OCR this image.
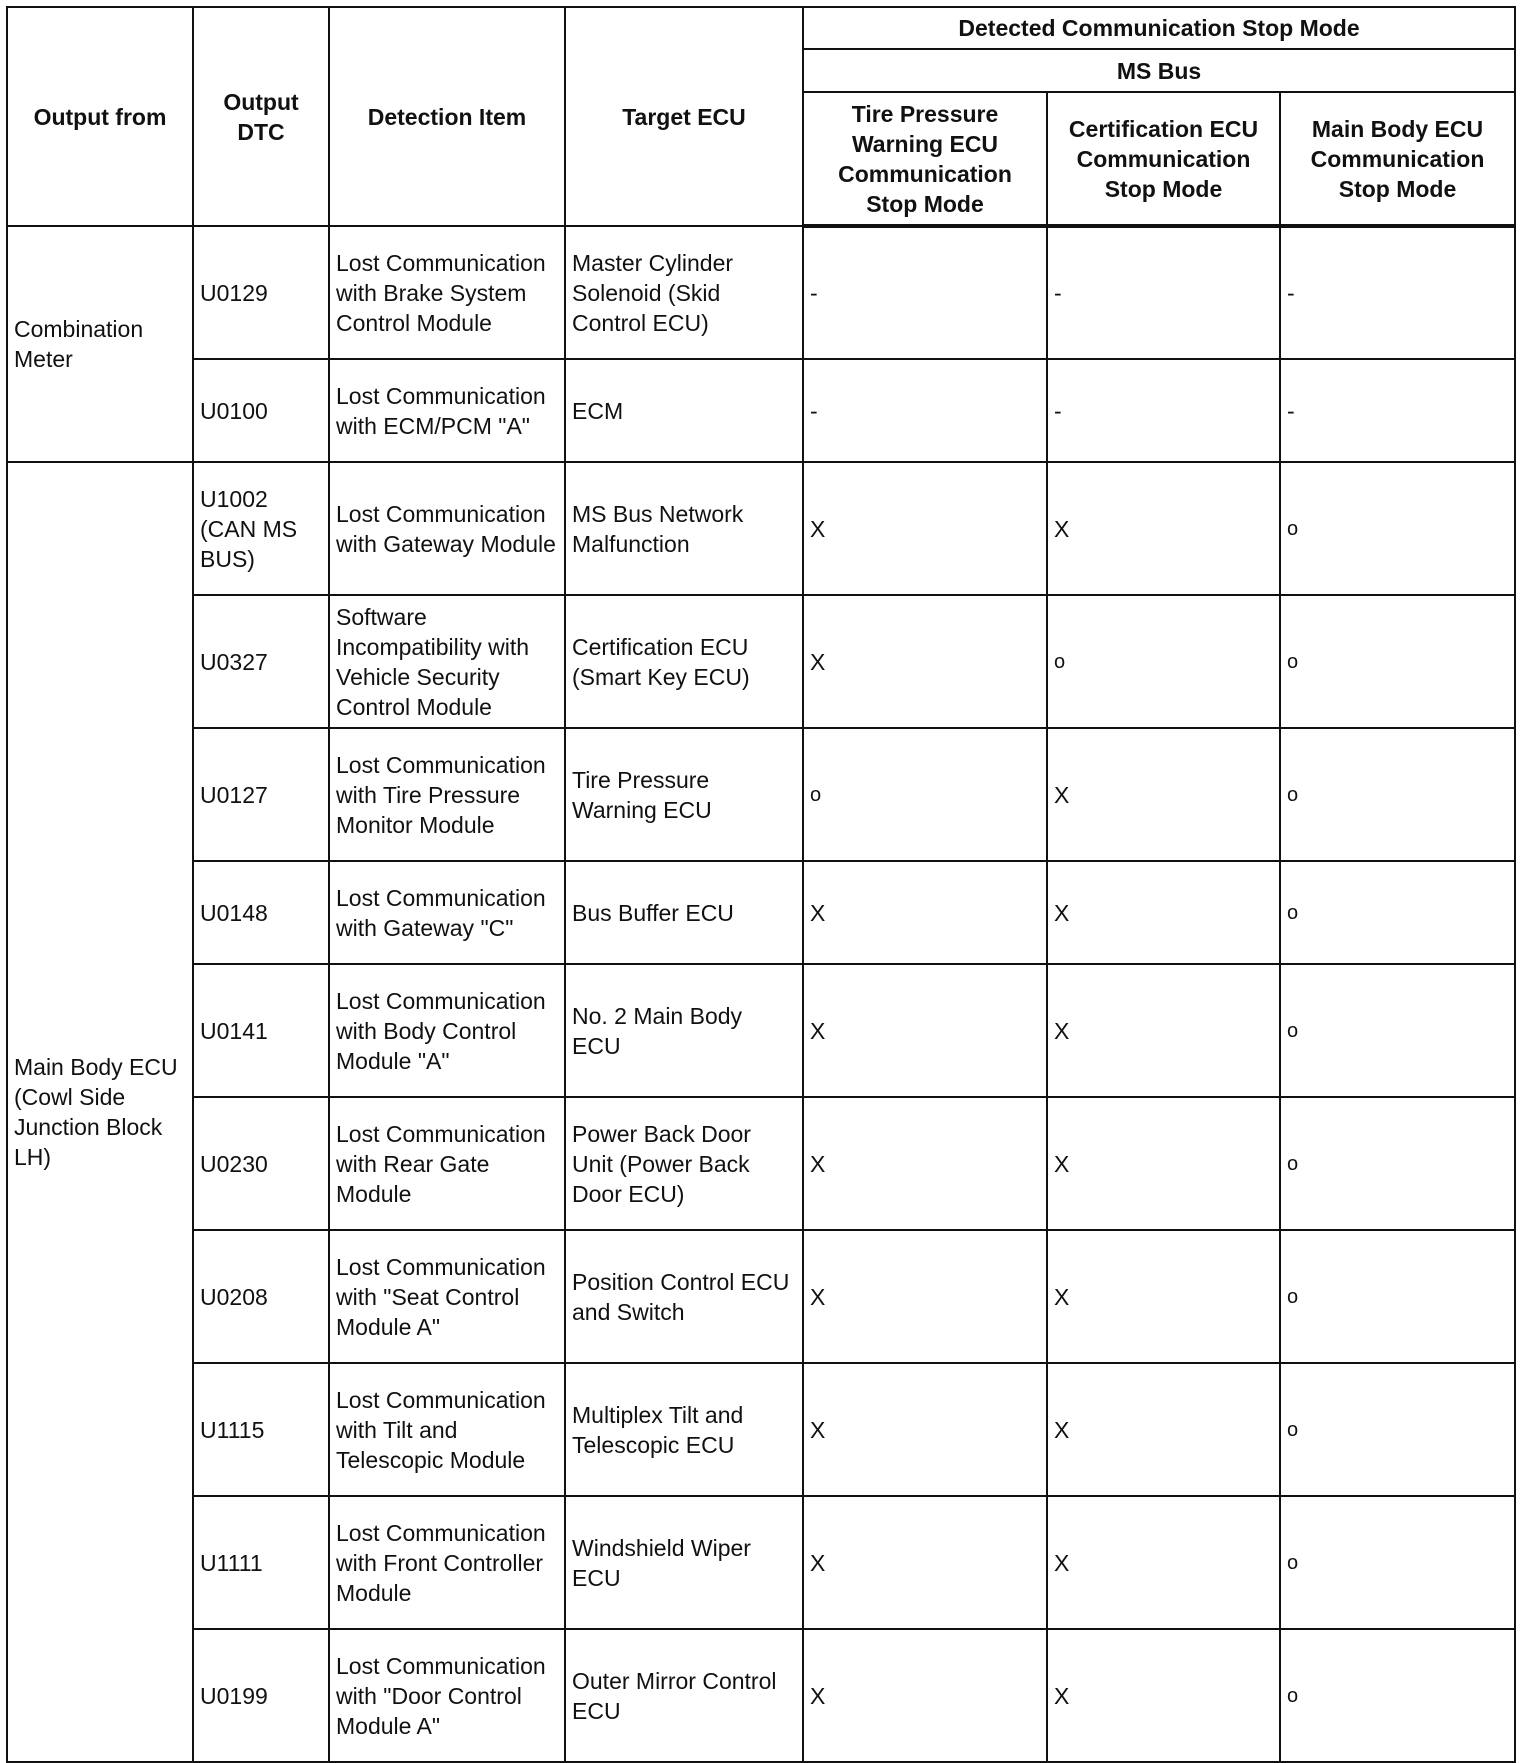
Output from	Output DTC	Detection Item	Target ECU	Detected Communication Stop Mode		
				MS Bus		
				Tire Pressure Warning ECU Communication Stop Mode	Certification ECU Communication Stop Mode	Main Body ECU Communication Stop Mode
Combination Meter	U0129	Lost Communication with Brake System Control Module	Master Cylinder Solenoid (Skid Control ECU)	-	-	-
	U0100	Lost Communication with ECM/PCM "A"	ECM	-	-	-
Main Body ECU (Cowl Side Junction Block LH)	U1002 (CAN MS BUS)	Lost Communication with Gateway Module	MS Bus Network Malfunction	X	X	o
	U0327	Software Incompatibility with Vehicle Security Control Module	Certification ECU (Smart Key ECU)	X	o	o
	U0127	Lost Communication with Tire Pressure Monitor Module	Tire Pressure Warning ECU	o	X	o
	U0148	Lost Communication with Gateway "C"	Bus Buffer ECU	X	X	o
	U0141	Lost Communication with Body Control Module "A"	No. 2 Main Body ECU	X	X	o
	U0230	Lost Communication with Rear Gate Module	Power Back Door Unit (Power Back Door ECU)	X	X	o
	U0208	Lost Communication with "Seat Control Module A"	Position Control ECU and Switch	X	X	o
	U1115	Lost Communication with Tilt and Telescopic Module	Multiplex Tilt and Telescopic ECU	X	X	o
	U1111	Lost Communication with Front Controller Module	Windshield Wiper ECU	X	X	o
	U0199	Lost Communication with "Door Control Module A"	Outer Mirror Control ECU	X	X	o
